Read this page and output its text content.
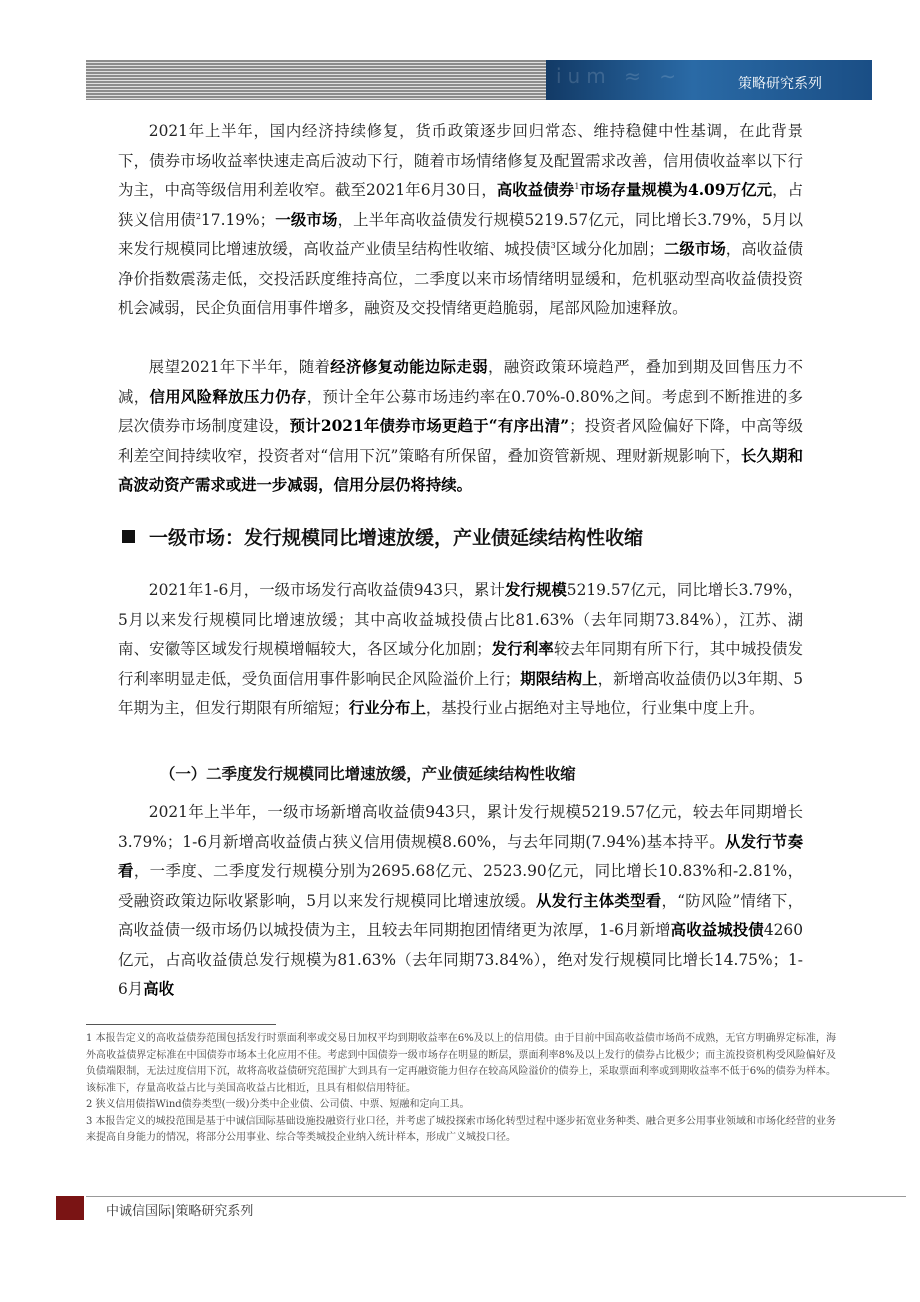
ium ≈ ∼	策略研究系列

2021年上半年，国内经济持续修复，货币政策逐步回归常态、维持稳健中性基调，在此背景下，债券市场收益率快速走高后波动下行，随着市场情绪修复及配置需求改善，信用债收益率以下行为主，中高等级信用利差收窄。截至2021年6月30日，高收益债券$^1$市场存量规模为4.09万亿元，占狭义信用债$^2$17.19%；一级市场，上半年高收益债发行规模5219.57亿元，同比增长3.79%，5月以来发行规模同比增速放缓，高收益产业债呈结构性收缩、城投债$^3$区域分化加剧；二级市场，高收益债净价指数震荡走低，交投活跃度维持高位，二季度以来市场情绪明显缓和，危机驱动型高收益债投资机会减弱，民企负面信用事件增多，融资及交投情绪更趋脆弱，尾部风险加速释放。

展望2021年下半年，随着经济修复动能边际走弱，融资政策环境趋严，叠加到期及回售压力不减，信用风险释放压力仍存，预计全年公募市场违约率在0.70%-0.80%之间。考虑到不断推进的多层次债券市场制度建设，预计2021年债券市场更趋于“有序出清”；投资者风险偏好下降，中高等级利差空间持续收窄，投资者对“信用下沉”策略有所保留，叠加资管新规、理财新规影响下，长久期和高波动资产需求或进一步减弱，信用分层仍将持续。

一级市场：发行规模同比增速放缓，产业债延续结构性收缩

2021年1-6月，一级市场发行高收益债943只，累计发行规模5219.57亿元，同比增长3.79%，5月以来发行规模同比增速放缓；其中高收益城投债占比81.63%（去年同期73.84%），江苏、湖南、安徽等区域发行规模增幅较大，各区域分化加剧；发行利率较去年同期有所下行，其中城投债发行利率明显走低，受负面信用事件影响民企风险溢价上行；期限结构上，新增高收益债仍以3年期、5年期为主，但发行期限有所缩短；行业分布上，基投行业占据绝对主导地位，行业集中度上升。

（一）二季度发行规模同比增速放缓，产业债延续结构性收缩

2021年上半年，一级市场新增高收益债943只，累计发行规模5219.57亿元，较去年同期增长3.79%；1-6月新增高收益债占狭义信用债规模8.60%，与去年同期(7.94%)基本持平。从发行节奏看，一季度、二季度发行规模分别为2695.68亿元、2523.90亿元，同比增长10.83%和-2.81%，受融资政策边际收紧影响，5月以来发行规模同比增速放缓。从发行主体类型看，“防风险”情绪下，高收益债一级市场仍以城投债为主，且较去年同期抱团情绪更为浓厚，1-6月新增高收益城投债4260亿元，占高收益债总发行规模为81.63%（去年同期73.84%），绝对发行规模同比增长14.75%；1-6月高收

1 本报告定义的高收益债券范围包括发行时票面利率或交易日加权平均到期收益率在6%及以上的信用债。由于目前中国高收益债市场尚不成熟，无官方明确界定标准，海外高收益债界定标准在中国债券市场本土化应用不佳。考虑到中国债券一级市场存在明显的断层，票面利率8%及以上发行的债券占比极少；而主流投资机构受风险偏好及负债端限制，无法过度信用下沉，故将高收益债研究范围扩大到具有一定再融资能力但存在较高风险溢价的债券上，采取票面利率或到期收益率不低于6%的债券为样本。该标准下，存量高收益占比与美国高收益占比相近，且具有相似信用特征。

2 狭义信用债指Wind债券类型(一级)分类中企业债、公司债、中票、短融和定向工具。

3 本报告定义的城投范围是基于中诚信国际基础设施投融资行业口径，并考虑了城投探索市场化转型过程中逐步拓宽业务种类、融合更多公用事业领域和市场化经营的业务来提高自身能力的情况，将部分公用事业、综合等类城投企业纳入统计样本，形成广义城投口径。

中诚信国际|策略研究系列
